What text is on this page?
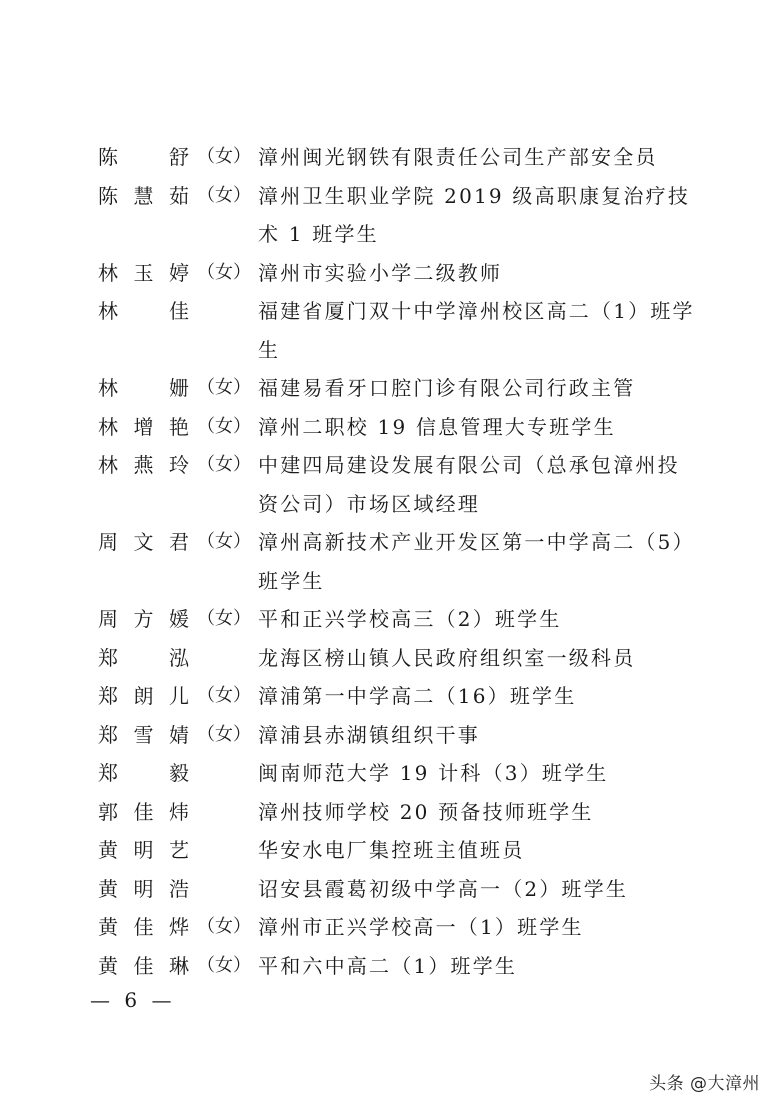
陈　舒 （女） 漳州闽光钢铁有限责任公司生产部安全员
陈慧茹 （女） 漳州卫生职业学院 2019 级高职康复治疗技术 1 班学生
林玉婷 （女） 漳州市实验小学二级教师
林　佳	福建省厦门双十中学漳州校区高二（1）班学生
林　姗 （女） 福建易看牙口腔门诊有限公司行政主管
林增艳 （女） 漳州二职校 19 信息管理大专班学生
林燕玲 （女） 中建四局建设发展有限公司（总承包漳州投资公司）市场区域经理
周文君 （女） 漳州高新技术产业开发区第一中学高二（5）班学生
周方媛 （女） 平和正兴学校高三（2）班学生
郑　泓	龙海区榜山镇人民政府组织室一级科员
郑朗儿 （女） 漳浦第一中学高二（16）班学生
郑雪婧 （女） 漳浦县赤湖镇组织干事
郑　毅	闽南师范大学 19 计科（3）班学生
郭佳炜	漳州技师学校 20 预备技师班学生
黄明艺	华安水电厂集控班主值班员
黄明浩	诏安县霞葛初级中学高一（2）班学生
黄佳烨 （女） 漳州市正兴学校高一（1）班学生
黄佳琳 （女） 平和六中高二（1）班学生
— 6 —
头条 @大漳州
